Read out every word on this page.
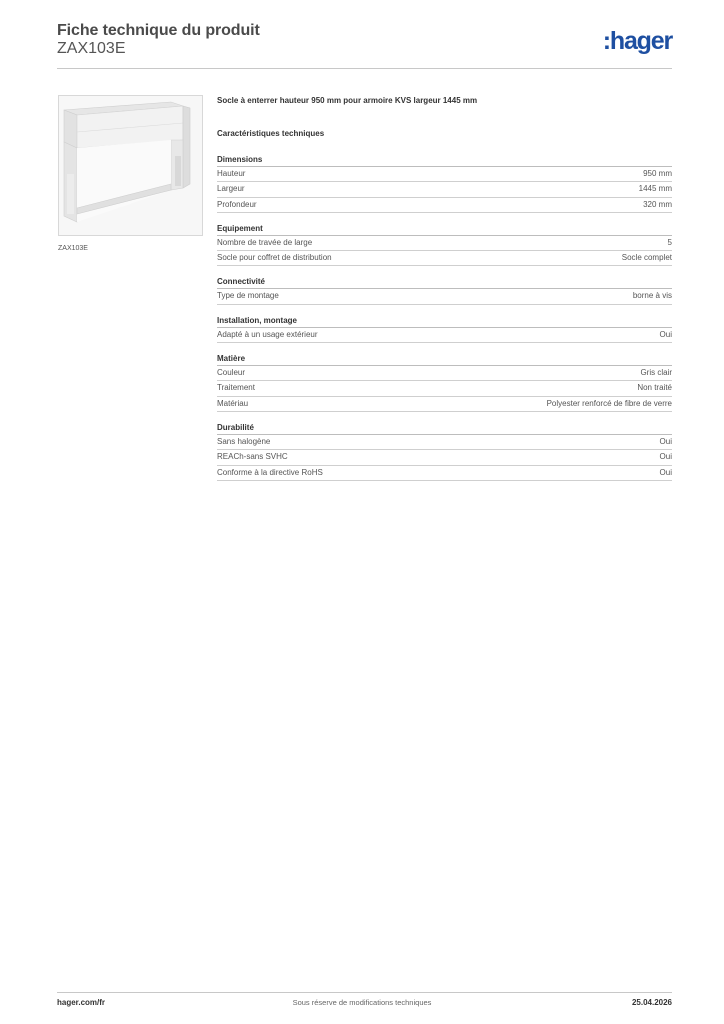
Fiche technique du produit
ZAX103E	:hager
ZAX103E
Socle à enterrer hauteur 950 mm pour armoire KVS largeur 1445 mm
Caractéristiques techniques
Dimensions
Hauteur	950 mm
Largeur	1445 mm
Profondeur	320 mm
Equipement
Nombre de travée de large	5
Socle pour coffret de distribution	Socle complet
Connectivité
Type de montage	borne à vis
Installation, montage
Adapté à un usage extérieur	Oui
Matière
Couleur	Gris clair
Traitement	Non traité
Matériau	Polyester renforcé de fibre de verre
Durabilité
Sans halogène	Oui
REACh-sans SVHC	Oui
Conforme à la directive RoHS	Oui
hager.com/fr	Sous réserve de modifications techniques	25.04.2026
